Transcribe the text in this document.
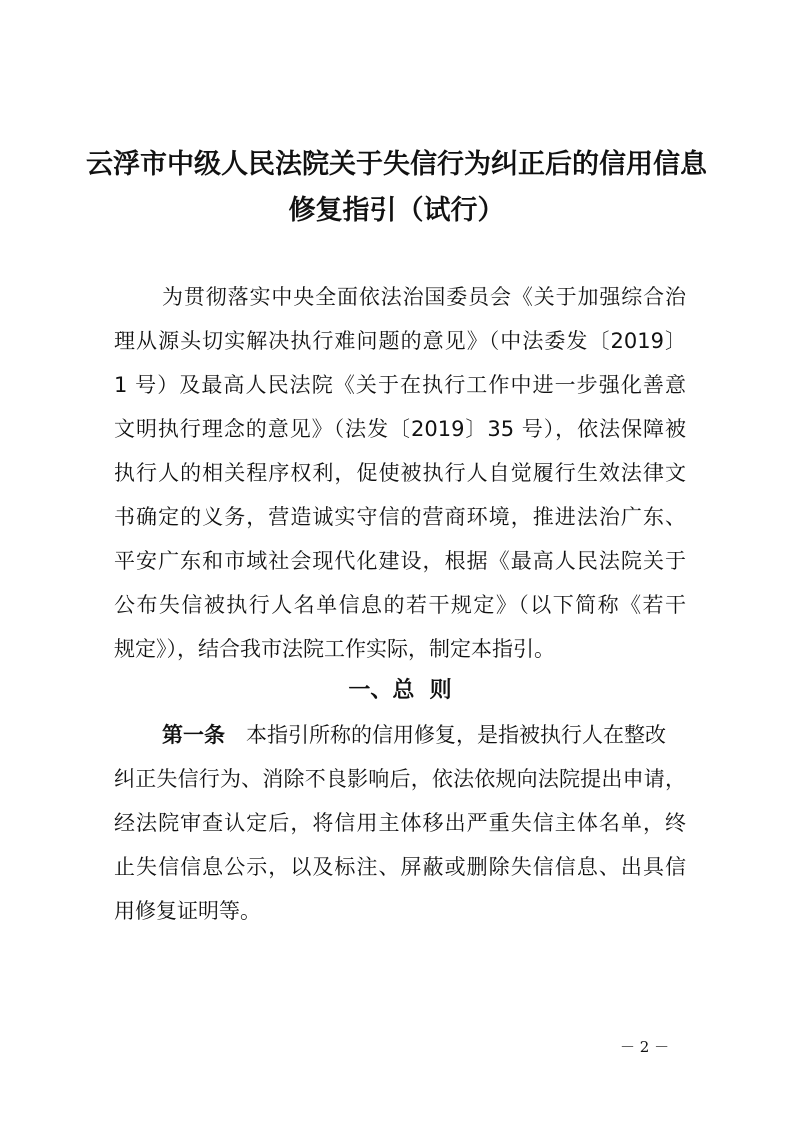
云浮市中级人民法院关于失信行为纠正后的信用信息
修复指引（试行）

为贯彻落实中央全面依法治国委员会《关于加强综合治

理从源头切实解决执行难问题的意见》（中法委发〔2019〕

1 号）及最高人民法院《关于在执行工作中进一步强化善意

文明执行理念的意见》（法发〔2019〕35 号），依法保障被

执行人的相关程序权利，促使被执行人自觉履行生效法律文

书确定的义务，营造诚实守信的营商环境，推进法治广东、

平安广东和市域社会现代化建设，根据《最高人民法院关于

公布失信被执行人名单信息的若干规定》（以下简称《若干

规定》），结合我市法院工作实际，制定本指引。

一、总  则

第一条　 本指引所称的信用修复，是指被执行人在整改

纠正失信行为、消除不良影响后，依法依规向法院提出申请，

经法院审查认定后，将信用主体移出严重失信主体名单，终

止失信信息公示，以及标注、屏蔽或删除失信信息、出具信

用修复证明等。

－ 2 －
